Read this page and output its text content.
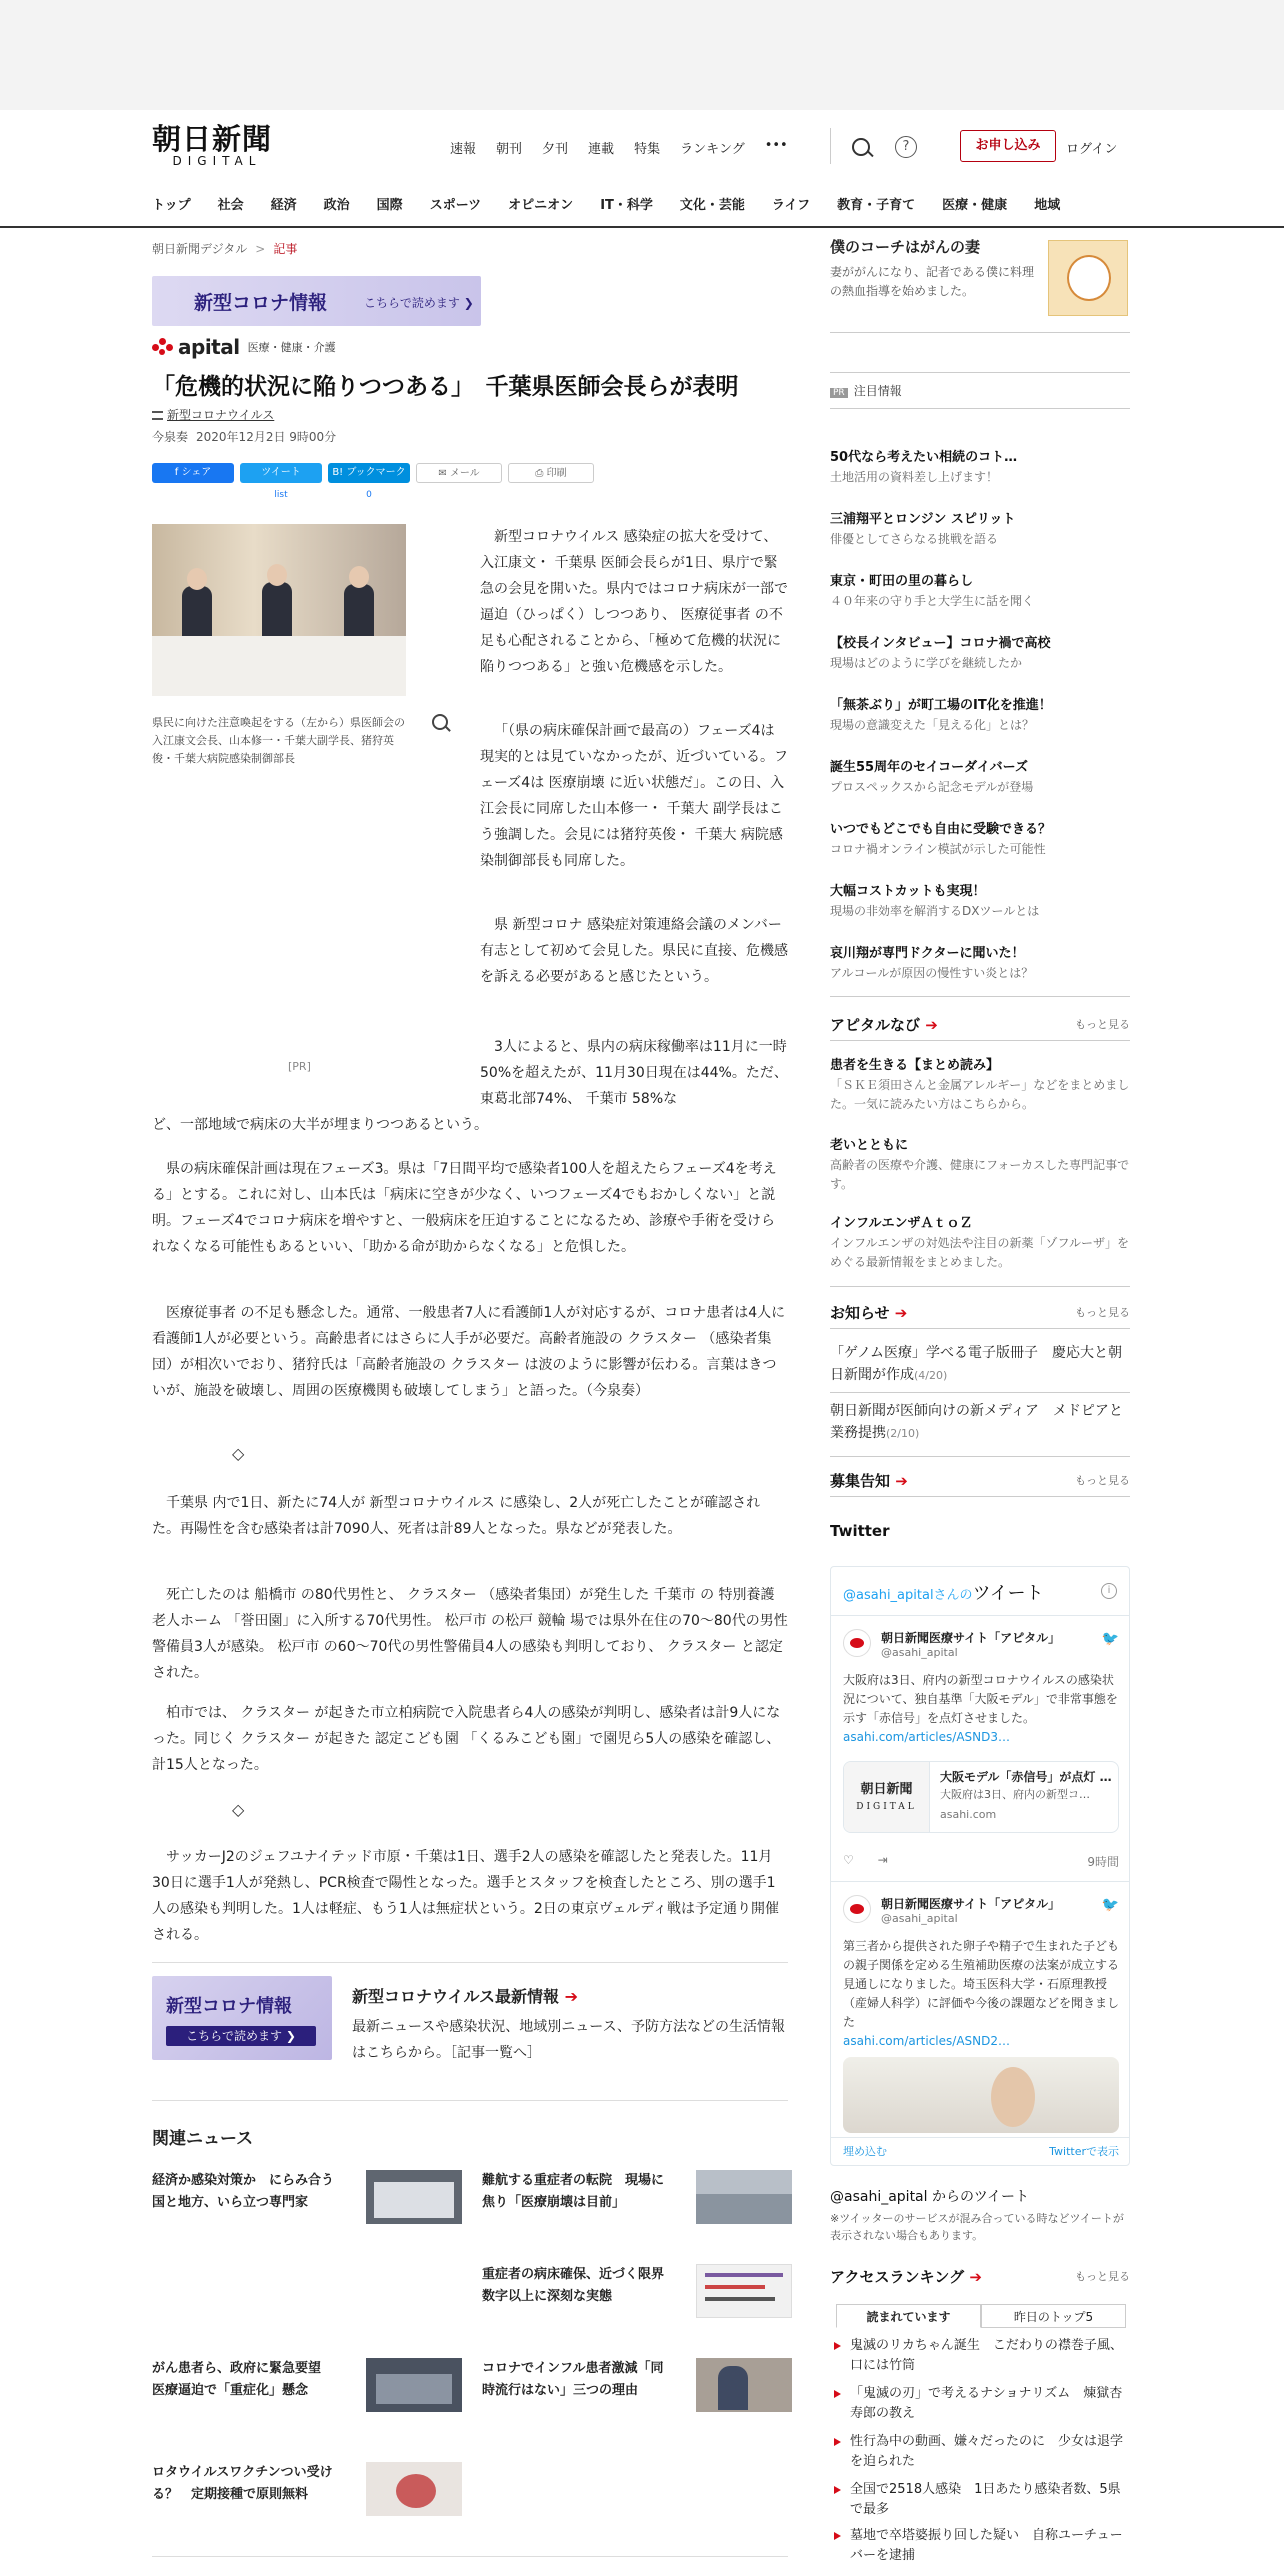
朝日新聞
DIGITAL
速報 朝刊 夕刊 連載 特集 ランキング •••	?	お申し込み	ログイン
トップ 社会 経済 政治 国際 スポーツ オピニオン IT・科学 文化・芸能 ライフ 教育・子育て 医療・健康 地域
朝日新聞デジタル > 記事
新型コロナ情報	こちらで読めます ❯
apital 医療・健康・介護
「危機的状況に陥りつつある」　千葉県医師会長らが表明
新型コロナウイルス
今泉奏 2020年12月2日 9時00分
f シェア	ツイート
list
B! ブックマーク
0
✉ メール	⎙ 印刷
県民に向けた注意喚起をする（左から）県医師会の入江康文会長、山本修一・千葉大副学長、猪狩英俊・千葉大病院感染制御部長
[PR]

新型コロナウイルス 感染症の拡大を受けて、入江康文・ 千葉県 医師会長らが1日、県庁で緊急の会見を開いた。県内ではコロナ病床が一部で逼迫（ひっぱく）しつつあり、 医療従事者 の不足も心配されることから、「極めて危機的状況に陥りつつある」と強い危機感を示した。

「（県の病床確保計画で最高の）フェーズ4は現実的とは見ていなかったが、近づいている。フェーズ4は 医療崩壊 に近い状態だ」。この日、入江会長に同席した山本修一・ 千葉大 副学長はこう強調した。会見には猪狩英俊・ 千葉大 病院感染制御部長も同席した。

県 新型コロナ 感染症対策連絡会議のメンバー有志として初めて会見した。県民に直接、危機感を訴える必要があると感じたという。

3人によると、県内の病床稼働率は11月に一時50%を超えたが、11月30日現在は44%。ただ、東葛北部74%、 千葉市 58%な

ど、一部地域で病床の大半が埋まりつつあるという。

県の病床確保計画は現在フェーズ3。県は「7日間平均で感染者100人を超えたらフェーズ4を考える」とする。これに対し、山本氏は「病床に空きが少なく、いつフェーズ4でもおかしくない」と説明。フェーズ4でコロナ病床を増やすと、一般病床を圧迫することになるため、診療や手術を受けられなくなる可能性もあるといい、「助かる命が助からなくなる」と危惧した。

医療従事者 の不足も懸念した。通常、一般患者7人に看護師1人が対応するが、コロナ患者は4人に看護師1人が必要という。高齢患者にはさらに人手が必要だ。高齢者施設の クラスター （感染者集団）が相次いでおり、猪狩氏は「高齢者施設の クラスター は波のように影響が伝わる。言葉はきついが、施設を破壊し、周囲の医療機関も破壊してしまう」と語った。（今泉奏）

◇

千葉県 内で1日、新たに74人が 新型コロナウイルス に感染し、2人が死亡したことが確認された。再陽性を含む感染者は計7090人、死者は計89人となった。県などが発表した。

死亡したのは 船橋市 の80代男性と、 クラスター （感染者集団）が発生した 千葉市 の 特別養護老人ホーム 「誉田園」に入所する70代男性。 松戸市 の松戸 競輪 場では県外在住の70～80代の男性警備員3人が感染。 松戸市 の60～70代の男性警備員4人の感染も判明しており、 クラスター と認定された。

柏市では、 クラスター が起きた市立柏病院で入院患者ら4人の感染が判明し、感染者は計9人になった。同じく クラスター が起きた 認定こども園 「くるみこども園」で園児ら5人の感染を確認し、計15人となった。

◇

サッカーJ2のジェフユナイテッド市原・千葉は1日、選手2人の感染を確認したと発表した。11月30日に選手1人が発熱し、PCR検査で陽性となった。選手とスタッフを検査したところ、別の選手1人の感染も判明した。1人は軽症、もう1人は無症状という。2日の東京ヴェルディ戦は予定通り開催される。

新型コロナ情報
こちらで読めます ❯
新型コロナウイルス最新情報 ➔
最新ニュースや感染状況、地域別ニュース、予防方法などの生活情報はこちらから。［記事一覧へ］
関連ニュース
経済か感染対策か　にらみ合う国と地方、いら立つ専門家
難航する重症者の転院　現場に焦り「医療崩壊は目前」
重症者の病床確保、近づく限界　数字以上に深刻な実態
がん患者ら、政府に緊急要望　医療逼迫で「重症化」懸念
コロナでインフル患者激減「同時流行はない」三つの理由
ロタウイルスワクチンつい受ける？　定期接種で原則無料
僕のコーチはがんの妻
妻ががんになり、記者である僕に料理の熱血指導を始めました。
PR 注目情報
50代なら考えたい相続のコト…
土地活用の資料差し上げます！
三浦翔平とロンジン スピリット
俳優としてさらなる挑戦を語る
東京・町田の里の暮らし
４０年来の守り手と大学生に話を聞く
【校長インタビュー】コロナ禍で高校
現場はどのように学びを継続したか
「無茶ぶり」が町工場のIT化を推進！
現場の意識変えた「見える化」とは？
誕生55周年のセイコーダイバーズ
プロスペックスから記念モデルが登場
いつでもどこでも自由に受験できる？
コロナ禍オンライン模試が示した可能性
大幅コストカットも実現！
現場の非効率を解消するDXツールとは
哀川翔が専門ドクターに聞いた！
アルコールが原因の慢性すい炎とは？
アピタルなび ➔	もっと見る
患者を生きる【まとめ読み】
「ＳＫＥ須田さんと金属アレルギー」などをまとめました。一気に読みたい方はこちらから。
老いとともに
高齢者の医療や介護、健康にフォーカスした専門記事です。
インフルエンザＡｔｏＺ
インフルエンザの対処法や注目の新薬「ゾフルーザ」をめぐる最新情報をまとめました。
お知らせ ➔	もっと見る
「ゲノム医療」学べる電子版冊子　慶応大と朝日新聞が作成(4/20)
朝日新聞が医師向けの新メディア　メドピアと業務提携(2/10)
募集告知 ➔	もっと見る
Twitter
@asahi_apitalさんのツイート	i
朝日新聞医療サイト「アピタル」
@asahi_apital
🐦
大阪府は3日、府内の新型コロナウイルスの感染状況について、独自基準「大阪モデル」で非常事態を示す「赤信号」を点灯させました。
asahi.com/articles/ASND3…
朝日新聞
DIGITAL
大阪モデル「赤信号」が点灯 …
大阪府は3日、府内の新型コ…
asahi.com
♡ ⇥	9時間
朝日新聞医療サイト「アピタル」
@asahi_apital
🐦
第三者から提供された卵子や精子で生まれた子どもの親子関係を定める生殖補助医療の法案が成立する見通しになりました。埼玉医科大学・石原理教授（産婦人科学）に評価や今後の課題などを聞きました
asahi.com/articles/ASND2…
埋め込む	Twitterで表示
@asahi_apital からのツイート
※ツイッターのサービスが混み合っている時などツイートが表示されない場合もあります。
アクセスランキング ➔	もっと見る
読まれています	昨日のトップ5
鬼滅のリカちゃん誕生　こだわりの襟巻子風、口には竹筒
「鬼滅の刃」で考えるナショナリズム　煉獄杏寿郎の教え
性行為中の動画、嫌々だったのに　少女は退学を迫られた
全国で2518人感染　1日あたり感染者数、5県で最多
墓地で卒塔婆振り回した疑い　自称ユーチューバーを逮捕
